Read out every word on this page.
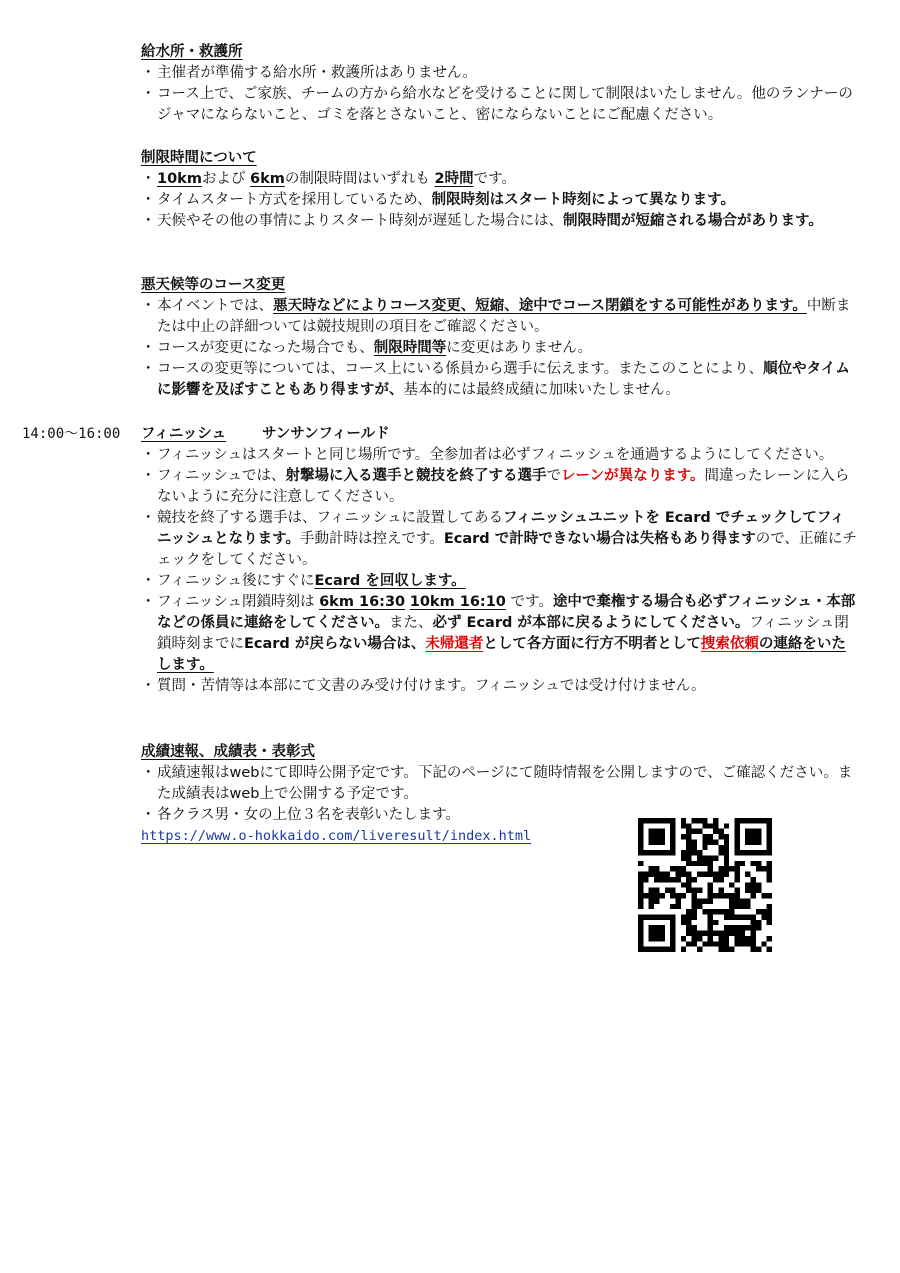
給水所・救護所

・ 主催者が準備する給水所・救護所はありません。

・ コース上で、ご家族、チームの方から給水などを受けることに関して制限はいたしません。他のランナーのジャマにならないこと、ゴミを落とさないこと、密にならないことにご配慮ください。

制限時間について

・ 10kmおよび 6kmの制限時間はいずれも 2時間です。

・ タイムスタート方式を採用しているため、制限時刻はスタート時刻によって異なります。

・ 天候やその他の事情によりスタート時刻が遅延した場合には、制限時間が短縮される場合があります。

悪天候等のコース変更

・ 本イベントでは、悪天時などによりコース変更、短縮、途中でコース閉鎖をする可能性があります。中断または中止の詳細ついては競技規則の項目をご確認ください。

・ コースが変更になった場合でも、制限時間等に変更はありません。

・ コースの変更等については、コース上にいる係員から選手に伝えます。またこのことにより、順位やタイムに影響を及ぼすこともあり得ますが、基本的には最終成績に加味いたしません。

14:00～16:00 フィニッシュ サンサンフィールド

・ フィニッシュはスタートと同じ場所です。全参加者は必ずフィニッシュを通過するようにしてください。

・ フィニッシュでは、射撃場に入る選手と競技を終了する選手でレーンが異なります。間違ったレーンに入らないように充分に注意してください。

・ 競技を終了する選手は、フィニッシュに設置してあるフィニッシュユニットを Ecard でチェックしてフィニッシュとなります。手動計時は控えです。Ecard で計時できない場合は失格もあり得ますので、正確にチェックをしてください。

・ フィニッシュ後にすぐにEcard を回収します。

・ フィニッシュ閉鎖時刻は 6km 16:30 10km 16:10 です。途中で棄権する場合も必ずフィニッシュ・本部などの係員に連絡をしてください。また、必ず Ecard が本部に戻るようにしてください。フィニッシュ閉鎖時刻までにEcard が戻らない場合は、未帰還者として各方面に行方不明者として捜索依頼の連絡をいたします。

・ 質問・苦情等は本部にて文書のみ受け付けます。フィニッシュでは受け付けません。

成績速報、成績表・表彰式

・ 成績速報はwebにて即時公開予定です。下記のページにて随時情報を公開しますので、ご確認ください。また成績表はweb上で公開する予定です。

・ 各クラス男・女の上位３名を表彰いたします。

https://www.o-hokkaido.com/liveresult/index.html
